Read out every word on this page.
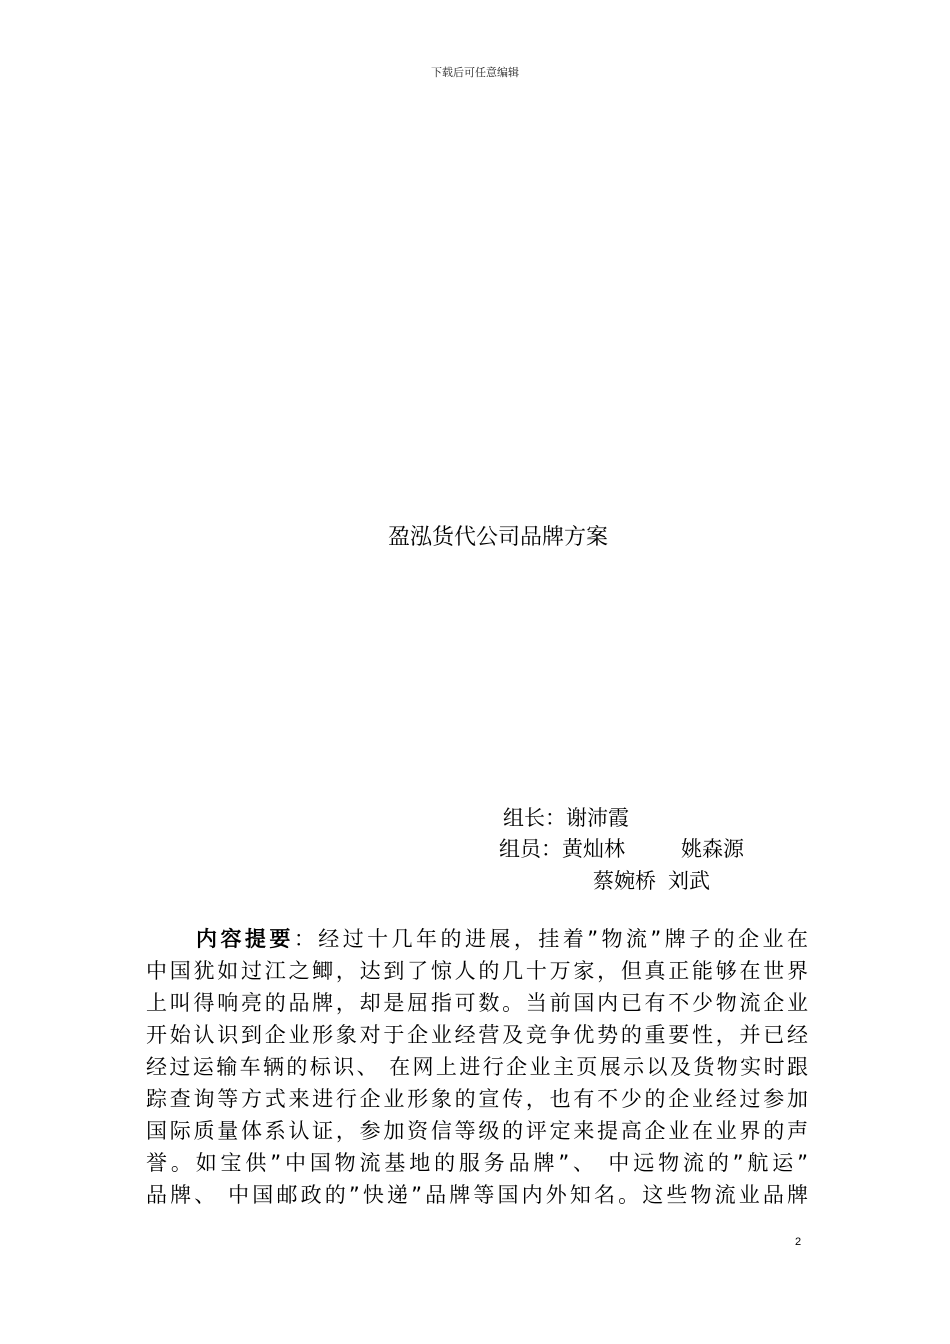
下载后可任意编辑
盈泓货代公司品牌方案
组长：谢沛霞
组员：黄灿林	姚森源
蔡婉桥 刘武
内容提要：经过十几年的进展，挂着”物流”牌子的企业在
中国犹如过江之鲫，达到了惊人的几十万家，但真正能够在世界
上叫得响亮的品牌，却是屈指可数。当前国内已有不少物流企业
开始认识到企业形象对于企业经营及竞争优势的重要性，并已经
经过运输车辆的标识、 在网上进行企业主页展示以及货物实时跟
踪查询等方式来进行企业形象的宣传，也有不少的企业经过参加
国际质量体系认证，参加资信等级的评定来提高企业在业界的声
誉。如宝供”中国物流基地的服务品牌”、 中远物流的”航运”
品牌、 中国邮政的”快递”品牌等国内外知名。这些物流业品牌
2
